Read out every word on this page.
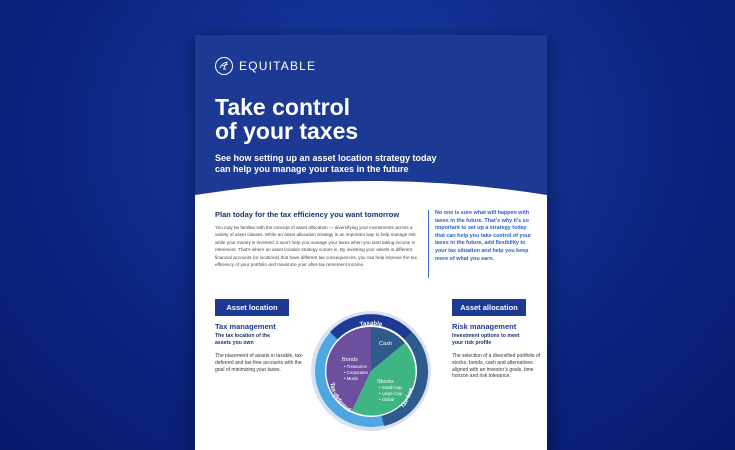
EQUITABLE
Take control
of your taxes
See how setting up an asset location strategy today
can help you manage your taxes in the future
Plan today for the tax efficiency you want tomorrow
You may be familiar with the concept of asset allocation — diversifying your investments across a variety of asset classes. While an asset allocation strategy is an important way to help manage risk while your money is invested, it won’t help you manage your taxes when you start taking income in retirement. That’s where an asset location strategy comes in. By investing your assets in different financial accounts (or locations) that have different tax consequences, you can help improve the tax efficiency of your portfolio and maximize your after-tax retirement income.
No one is sure what will happen with taxes in the future. That’s why it’s so important to set up a strategy today that can help you take control of your taxes in the future, add flexibility to your tax situation and help you keep more of what you earn.
Asset location	Asset allocation
Tax management
The tax location of the assets you own
The placement of assets in taxable, tax-deferred and tax-free accounts with the goal of minimizing your taxes.
Risk management
Investment options to meet your risk profile
The selection of a diversified portfolio of stocks, bonds, cash and alternatives aligned with an investor’s goals, time horizon and risk tolerance.
Taxable
Tax-deferred
Tax-free
Bonds
• Treasuries
• Corporates
• Munis
Cash
Stocks
• Small-Cap
• Large-Cap
• Global
